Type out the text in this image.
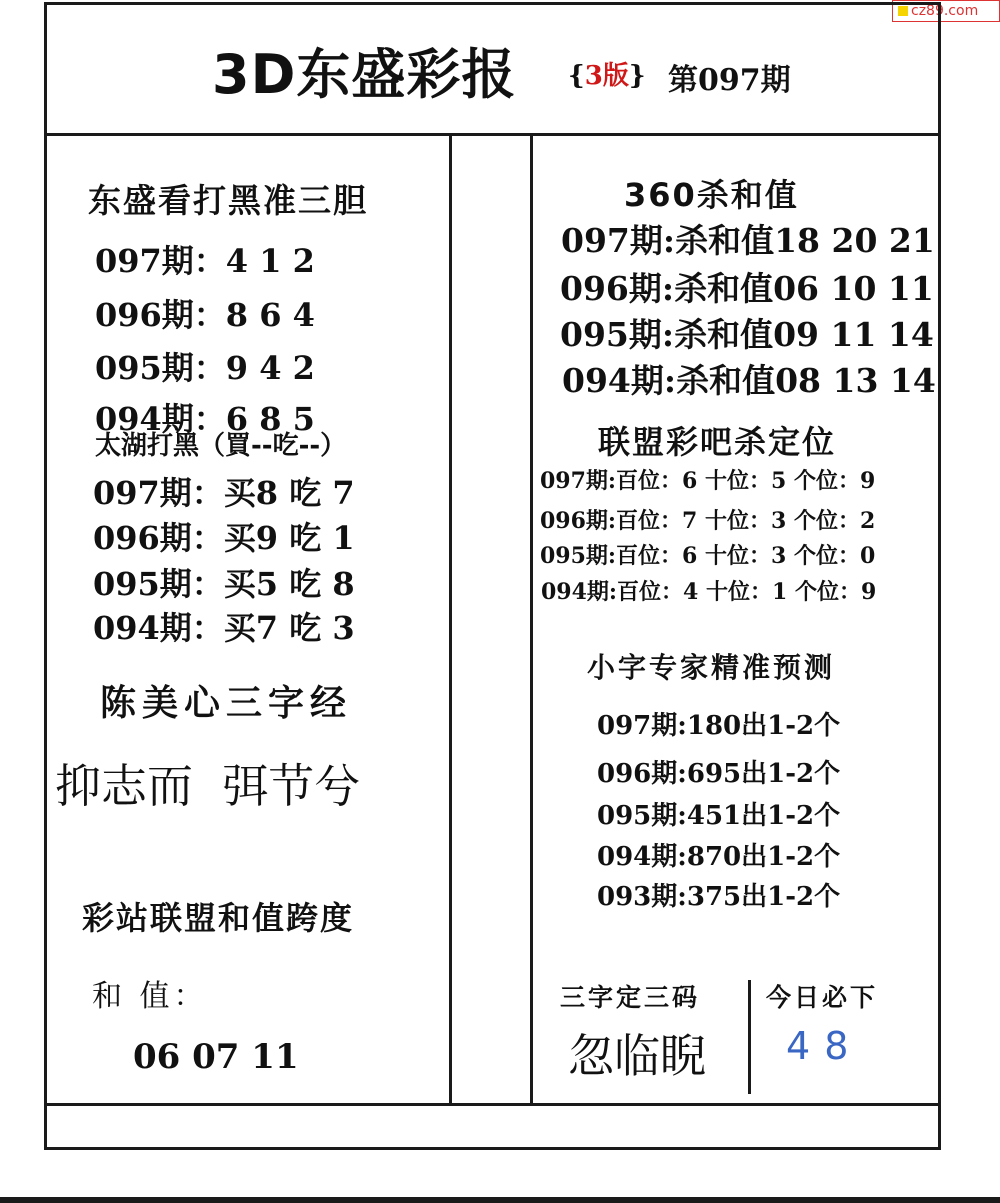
cz89.com
3D东盛彩报 {3版} 第097期
东盛看打黑准三胆
097期：4 1 2
096期：8 6 4
095期：9 4 2
094期：6 8 5
太湖打黑（買--吃--）
097期：买8 吃 7
096期：买9 吃 1
095期：买5 吃 8
094期：买7 吃 3
陈美心三字经
抑志而  弭节兮
彩站联盟和值跨度
和 值：
06 07 11
360杀和值
097期:杀和值18 20 21
096期:杀和值06 10 11
095期:杀和值09 11 14
094期:杀和值08 13 14
联盟彩吧杀定位
097期:百位：6 十位：5 个位：9
096期:百位：7 十位：3 个位：2
095期:百位：6 十位：3 个位：0
094期:百位：4 十位：1 个位：9
小字专家精准预测
097期:180出1-2个
096期:695出1-2个
095期:451出1-2个
094期:870出1-2个
093期:375出1-2个
三字定三码
忽临睨
今日必下
48
